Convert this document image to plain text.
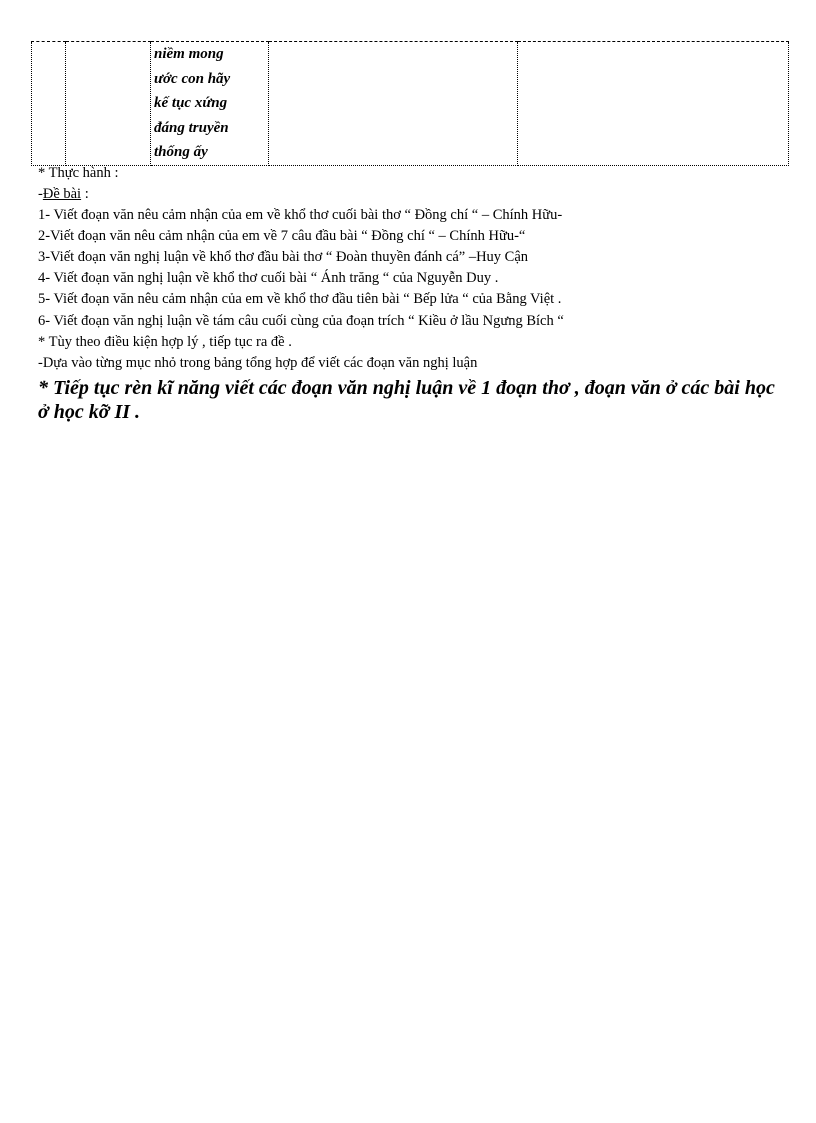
niềm mong
ước con hãy
kế tục xứng
đáng truyền
thống ấy

* Thực hành :
-Đề bài :
1- Viết đoạn văn nêu cảm nhận của em về khổ thơ cuối bài thơ “ Đồng chí “ – Chính Hữu-
2-Viết đoạn văn nêu cảm nhận của em về 7 câu đầu bài “ Đồng chí “ – Chính Hữu-“
3-Viết đoạn văn nghị luận về khổ thơ đầu bài thơ “ Đoàn thuyền đánh cá” –Huy Cận
4- Viết đoạn văn nghị luận về khổ thơ cuối bài “ Ánh trăng “ của Nguyễn Duy .
5- Viết đoạn văn nêu cảm nhận của em về khổ thơ đầu tiên bài “ Bếp lửa “ của Bằng Việt .
6- Viết đoạn văn nghị luận về tám câu cuối cùng của đoạn trích “ Kiều ở lầu Ngưng Bích “
* Tùy theo điều kiện hợp lý , tiếp tục ra đề .
-Dựa vào từng mục nhỏ trong bảng tổng hợp để viết các đoạn văn nghị luận
* Tiếp tục rèn kĩ năng viết các đoạn văn nghị luận về 1 đoạn thơ , đoạn văn ở các bài học ở học kỡ II .
